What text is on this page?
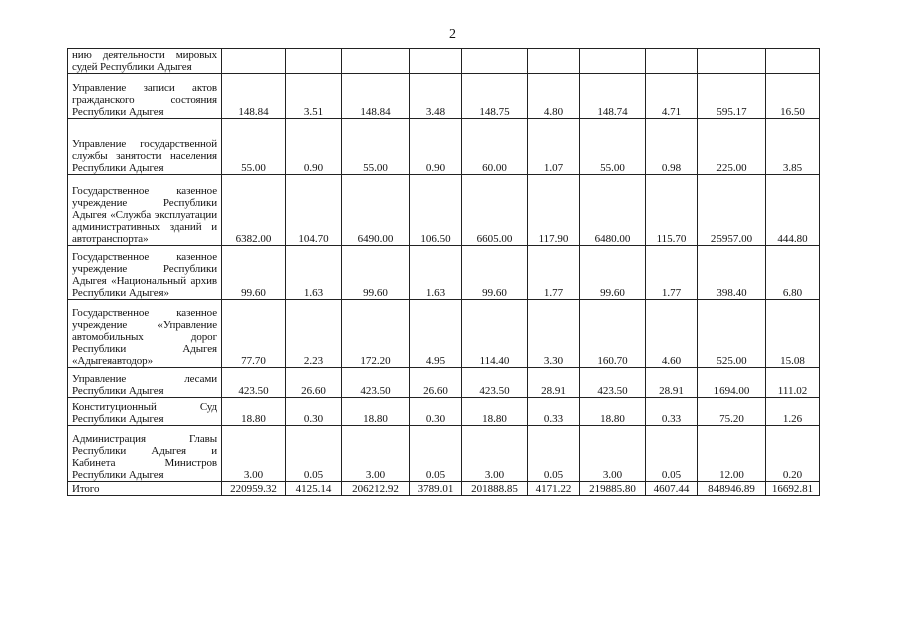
2
нию деятельности мировых судей Республики Адыгея										
Управление записи актов гражданского состояния Республики Адыгея	148.84	3.51	148.84	3.48	148.75	4.80	148.74	4.71	595.17	16.50
Управление государственной службы занятости населения Республики Адыгея	55.00	0.90	55.00	0.90	60.00	1.07	55.00	0.98	225.00	3.85
Государственное казенное учреждение Республики Адыгея «Служба эксплуатации административных зданий и автотранспорта»	6382.00	104.70	6490.00	106.50	6605.00	117.90	6480.00	115.70	25957.00	444.80
Государственное казенное учреждение Республики Адыгея «Национальный архив Республики Адыгея»	99.60	1.63	99.60	1.63	99.60	1.77	99.60	1.77	398.40	6.80
Государственное казенное учреждение «Управление автомобильных дорог Республики Адыгея «Адыгеяавтодор»	77.70	2.23	172.20	4.95	114.40	3.30	160.70	4.60	525.00	15.08
Управление лесами Республики Адыгея	423.50	26.60	423.50	26.60	423.50	28.91	423.50	28.91	1694.00	111.02
Конституционный Суд Республики Адыгея	18.80	0.30	18.80	0.30	18.80	0.33	18.80	0.33	75.20	1.26
Администрация Главы Республики Адыгея и Кабинета Министров Республики Адыгея	3.00	0.05	3.00	0.05	3.00	0.05	3.00	0.05	12.00	0.20
Итого	220959.32	4125.14	206212.92	3789.01	201888.85	4171.22	219885.80	4607.44	848946.89	16692.81
